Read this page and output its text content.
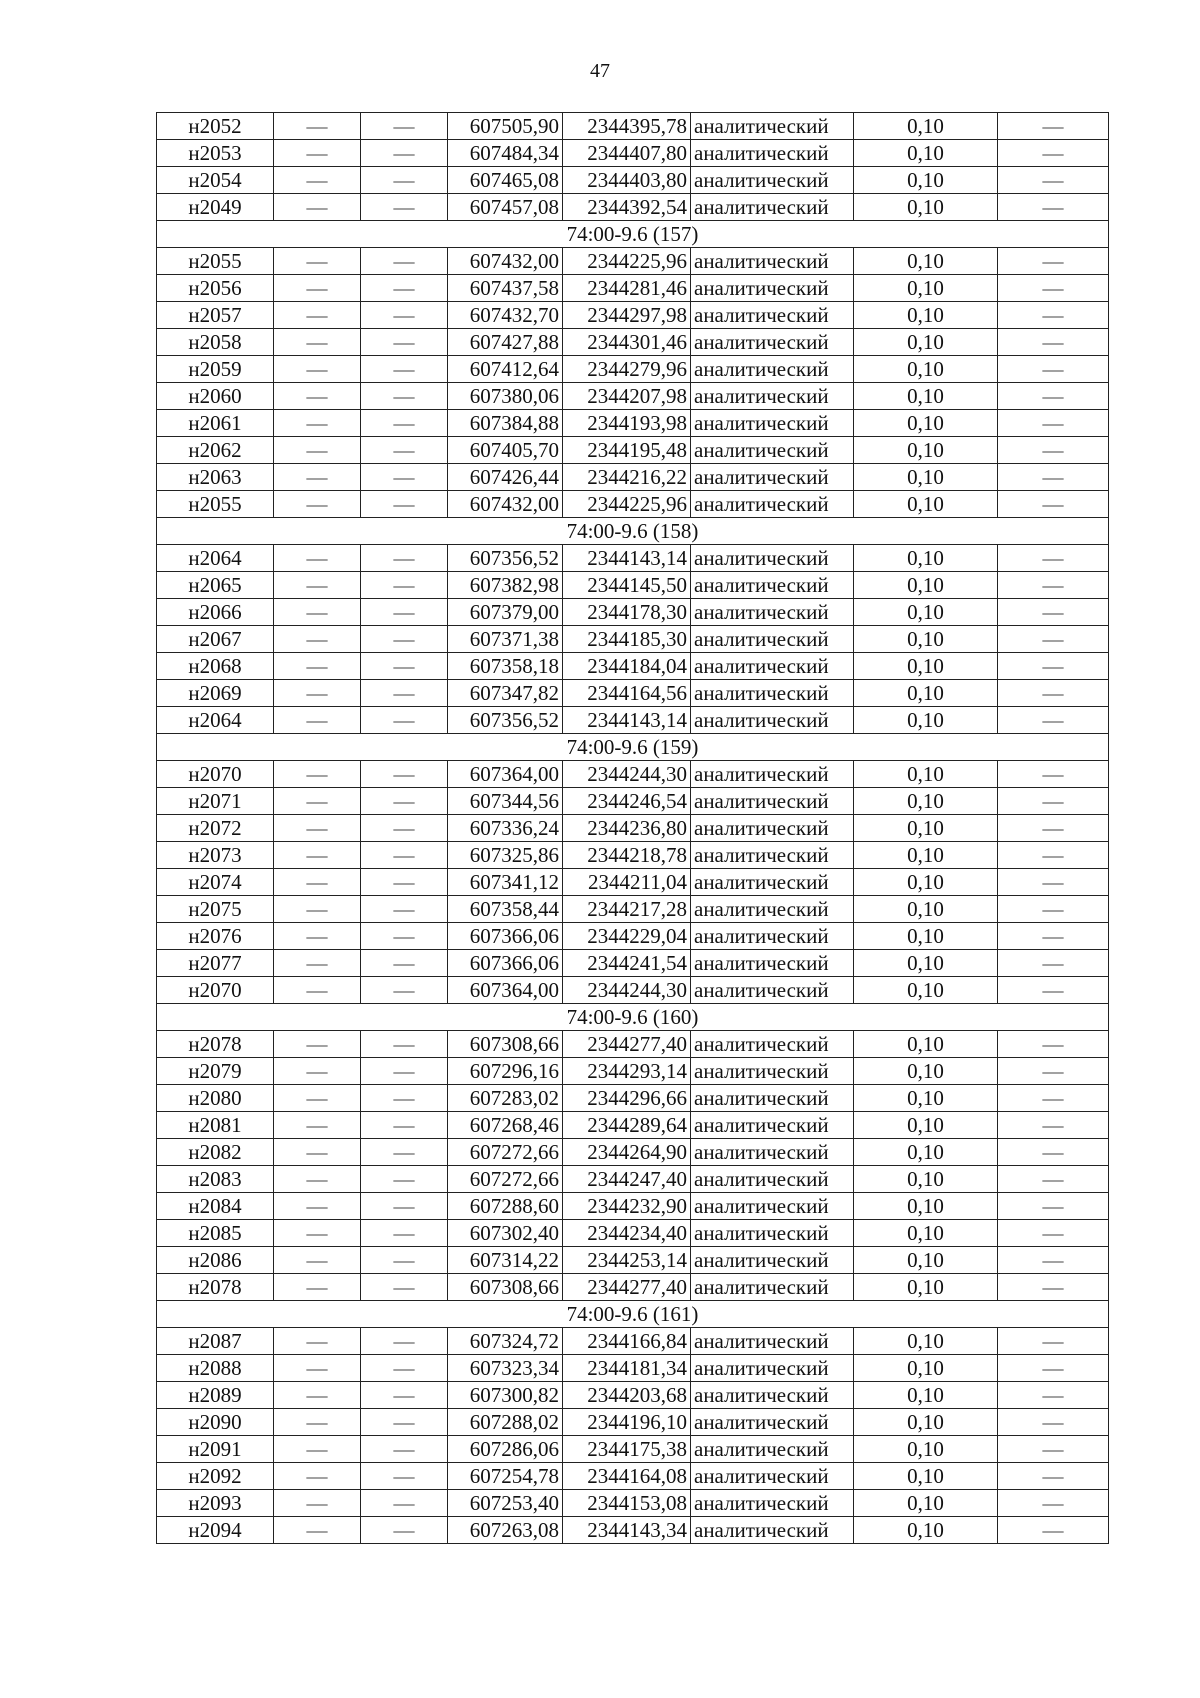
47
н2052	—	—	607505,90	2344395,78	аналитический	0,10	—
н2053	—	—	607484,34	2344407,80	аналитический	0,10	—
н2054	—	—	607465,08	2344403,80	аналитический	0,10	—
н2049	—	—	607457,08	2344392,54	аналитический	0,10	—
74:00-9.6 (157)							
н2055	—	—	607432,00	2344225,96	аналитический	0,10	—
н2056	—	—	607437,58	2344281,46	аналитический	0,10	—
н2057	—	—	607432,70	2344297,98	аналитический	0,10	—
н2058	—	—	607427,88	2344301,46	аналитический	0,10	—
н2059	—	—	607412,64	2344279,96	аналитический	0,10	—
н2060	—	—	607380,06	2344207,98	аналитический	0,10	—
н2061	—	—	607384,88	2344193,98	аналитический	0,10	—
н2062	—	—	607405,70	2344195,48	аналитический	0,10	—
н2063	—	—	607426,44	2344216,22	аналитический	0,10	—
н2055	—	—	607432,00	2344225,96	аналитический	0,10	—
74:00-9.6 (158)							
н2064	—	—	607356,52	2344143,14	аналитический	0,10	—
н2065	—	—	607382,98	2344145,50	аналитический	0,10	—
н2066	—	—	607379,00	2344178,30	аналитический	0,10	—
н2067	—	—	607371,38	2344185,30	аналитический	0,10	—
н2068	—	—	607358,18	2344184,04	аналитический	0,10	—
н2069	—	—	607347,82	2344164,56	аналитический	0,10	—
н2064	—	—	607356,52	2344143,14	аналитический	0,10	—
74:00-9.6 (159)							
н2070	—	—	607364,00	2344244,30	аналитический	0,10	—
н2071	—	—	607344,56	2344246,54	аналитический	0,10	—
н2072	—	—	607336,24	2344236,80	аналитический	0,10	—
н2073	—	—	607325,86	2344218,78	аналитический	0,10	—
н2074	—	—	607341,12	2344211,04	аналитический	0,10	—
н2075	—	—	607358,44	2344217,28	аналитический	0,10	—
н2076	—	—	607366,06	2344229,04	аналитический	0,10	—
н2077	—	—	607366,06	2344241,54	аналитический	0,10	—
н2070	—	—	607364,00	2344244,30	аналитический	0,10	—
74:00-9.6 (160)							
н2078	—	—	607308,66	2344277,40	аналитический	0,10	—
н2079	—	—	607296,16	2344293,14	аналитический	0,10	—
н2080	—	—	607283,02	2344296,66	аналитический	0,10	—
н2081	—	—	607268,46	2344289,64	аналитический	0,10	—
н2082	—	—	607272,66	2344264,90	аналитический	0,10	—
н2083	—	—	607272,66	2344247,40	аналитический	0,10	—
н2084	—	—	607288,60	2344232,90	аналитический	0,10	—
н2085	—	—	607302,40	2344234,40	аналитический	0,10	—
н2086	—	—	607314,22	2344253,14	аналитический	0,10	—
н2078	—	—	607308,66	2344277,40	аналитический	0,10	—
74:00-9.6 (161)							
н2087	—	—	607324,72	2344166,84	аналитический	0,10	—
н2088	—	—	607323,34	2344181,34	аналитический	0,10	—
н2089	—	—	607300,82	2344203,68	аналитический	0,10	—
н2090	—	—	607288,02	2344196,10	аналитический	0,10	—
н2091	—	—	607286,06	2344175,38	аналитический	0,10	—
н2092	—	—	607254,78	2344164,08	аналитический	0,10	—
н2093	—	—	607253,40	2344153,08	аналитический	0,10	—
н2094	—	—	607263,08	2344143,34	аналитический	0,10	—
